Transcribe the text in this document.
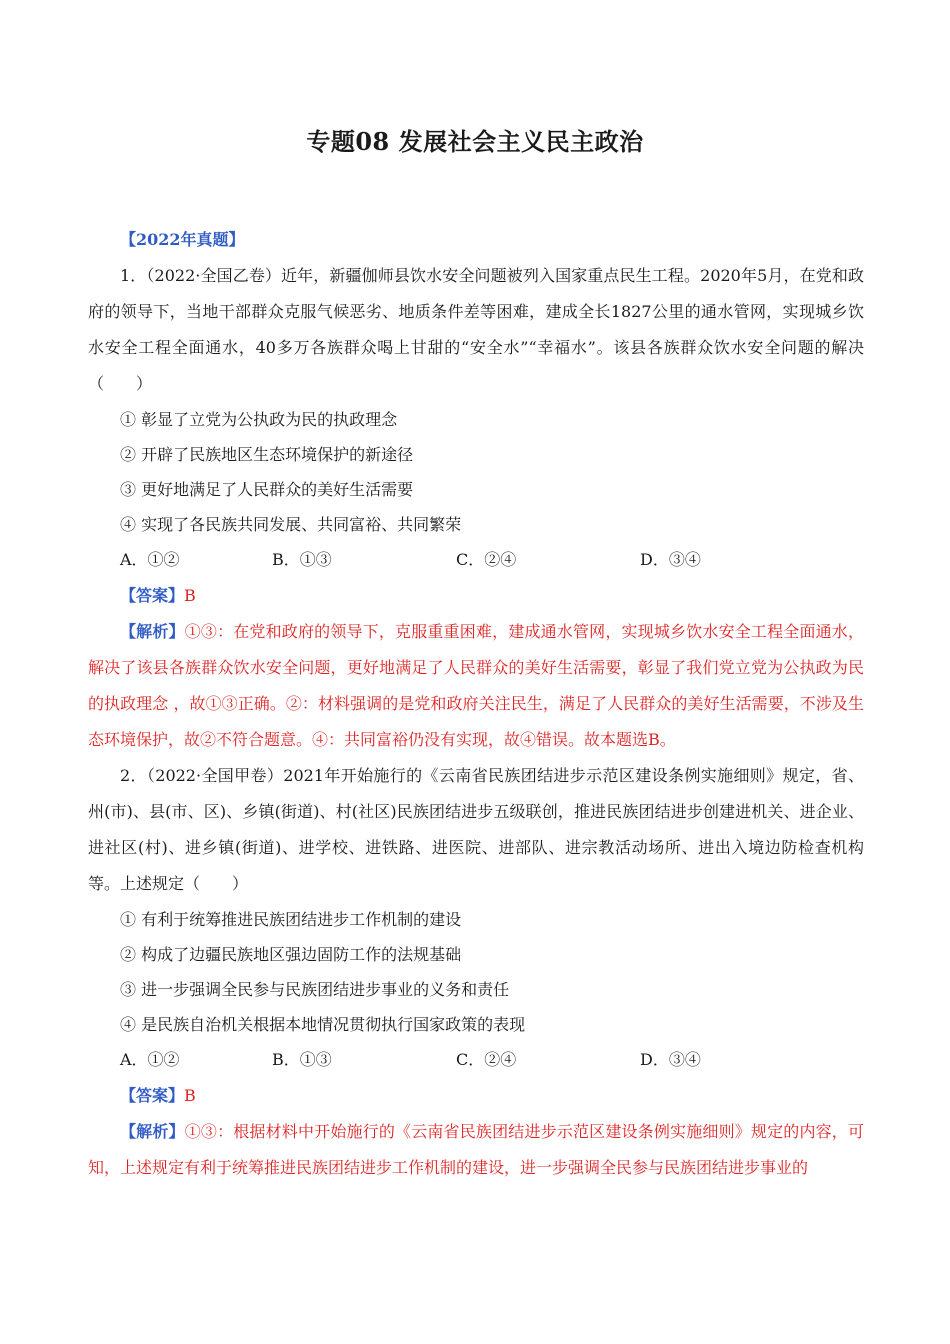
专题08 发展社会主义民主政治

【2022年真题】

1．（2022·全国乙卷）近年，新疆伽师县饮水安全问题被列入国家重点民生工程。2020年5月，在党和政府的领导下，当地干部群众克服气候恶劣、地质条件差等困难，建成全长1827公里的通水管网，实现城乡饮水安全工程全面通水，40多万各族群众喝上甘甜的“安全水”“幸福水”。该县各族群众饮水安全问题的解决（　　）

① 彰显了立党为公执政为民的执政理念

② 开辟了民族地区生态环境保护的新途径

③ 更好地满足了人民群众的美好生活需要

④ 实现了各民族共同发展、共同富裕、共同繁荣

A．①②	B．①③	C．②④	D．③④

【答案】B

【解析】①③：在党和政府的领导下，克服重重困难，建成通水管网，实现城乡饮水安全工程全面通水，解决了该县各族群众饮水安全问题，更好地满足了人民群众的美好生活需要，彰显了我们党立党为公执政为民的执政理念 ，故①③正确。②：材料强调的是党和政府关注民生，满足了人民群众的美好生活需要，不涉及生态环境保护，故②不符合题意。④：共同富裕仍没有实现，故④错误。故本题选B。

2．（2022·全国甲卷）2021年开始施行的《云南省民族团结进步示范区建设条例实施细则》规定，省、州(市)、县(市、区)、乡镇(街道)、村(社区)民族团结进步五级联创，推进民族团结进步创建进机关、进企业、进社区(村)、进乡镇(街道)、进学校、进铁路、进医院、进部队、进宗教活动场所、进出入境边防检查机构等。上述规定（　　）

① 有利于统筹推进民族团结进步工作机制的建设

② 构成了边疆民族地区强边固防工作的法规基础

③ 进一步强调全民参与民族团结进步事业的义务和责任

④ 是民族自治机关根据本地情况贯彻执行国家政策的表现

A．①②	B．①③	C．②④	D．③④

【答案】B

【解析】①③：根据材料中开始施行的《云南省民族团结进步示范区建设条例实施细则》规定的内容，可知，上述规定有利于统筹推进民族团结进步工作机制的建设，进一步强调全民参与民族团结进步事业的
